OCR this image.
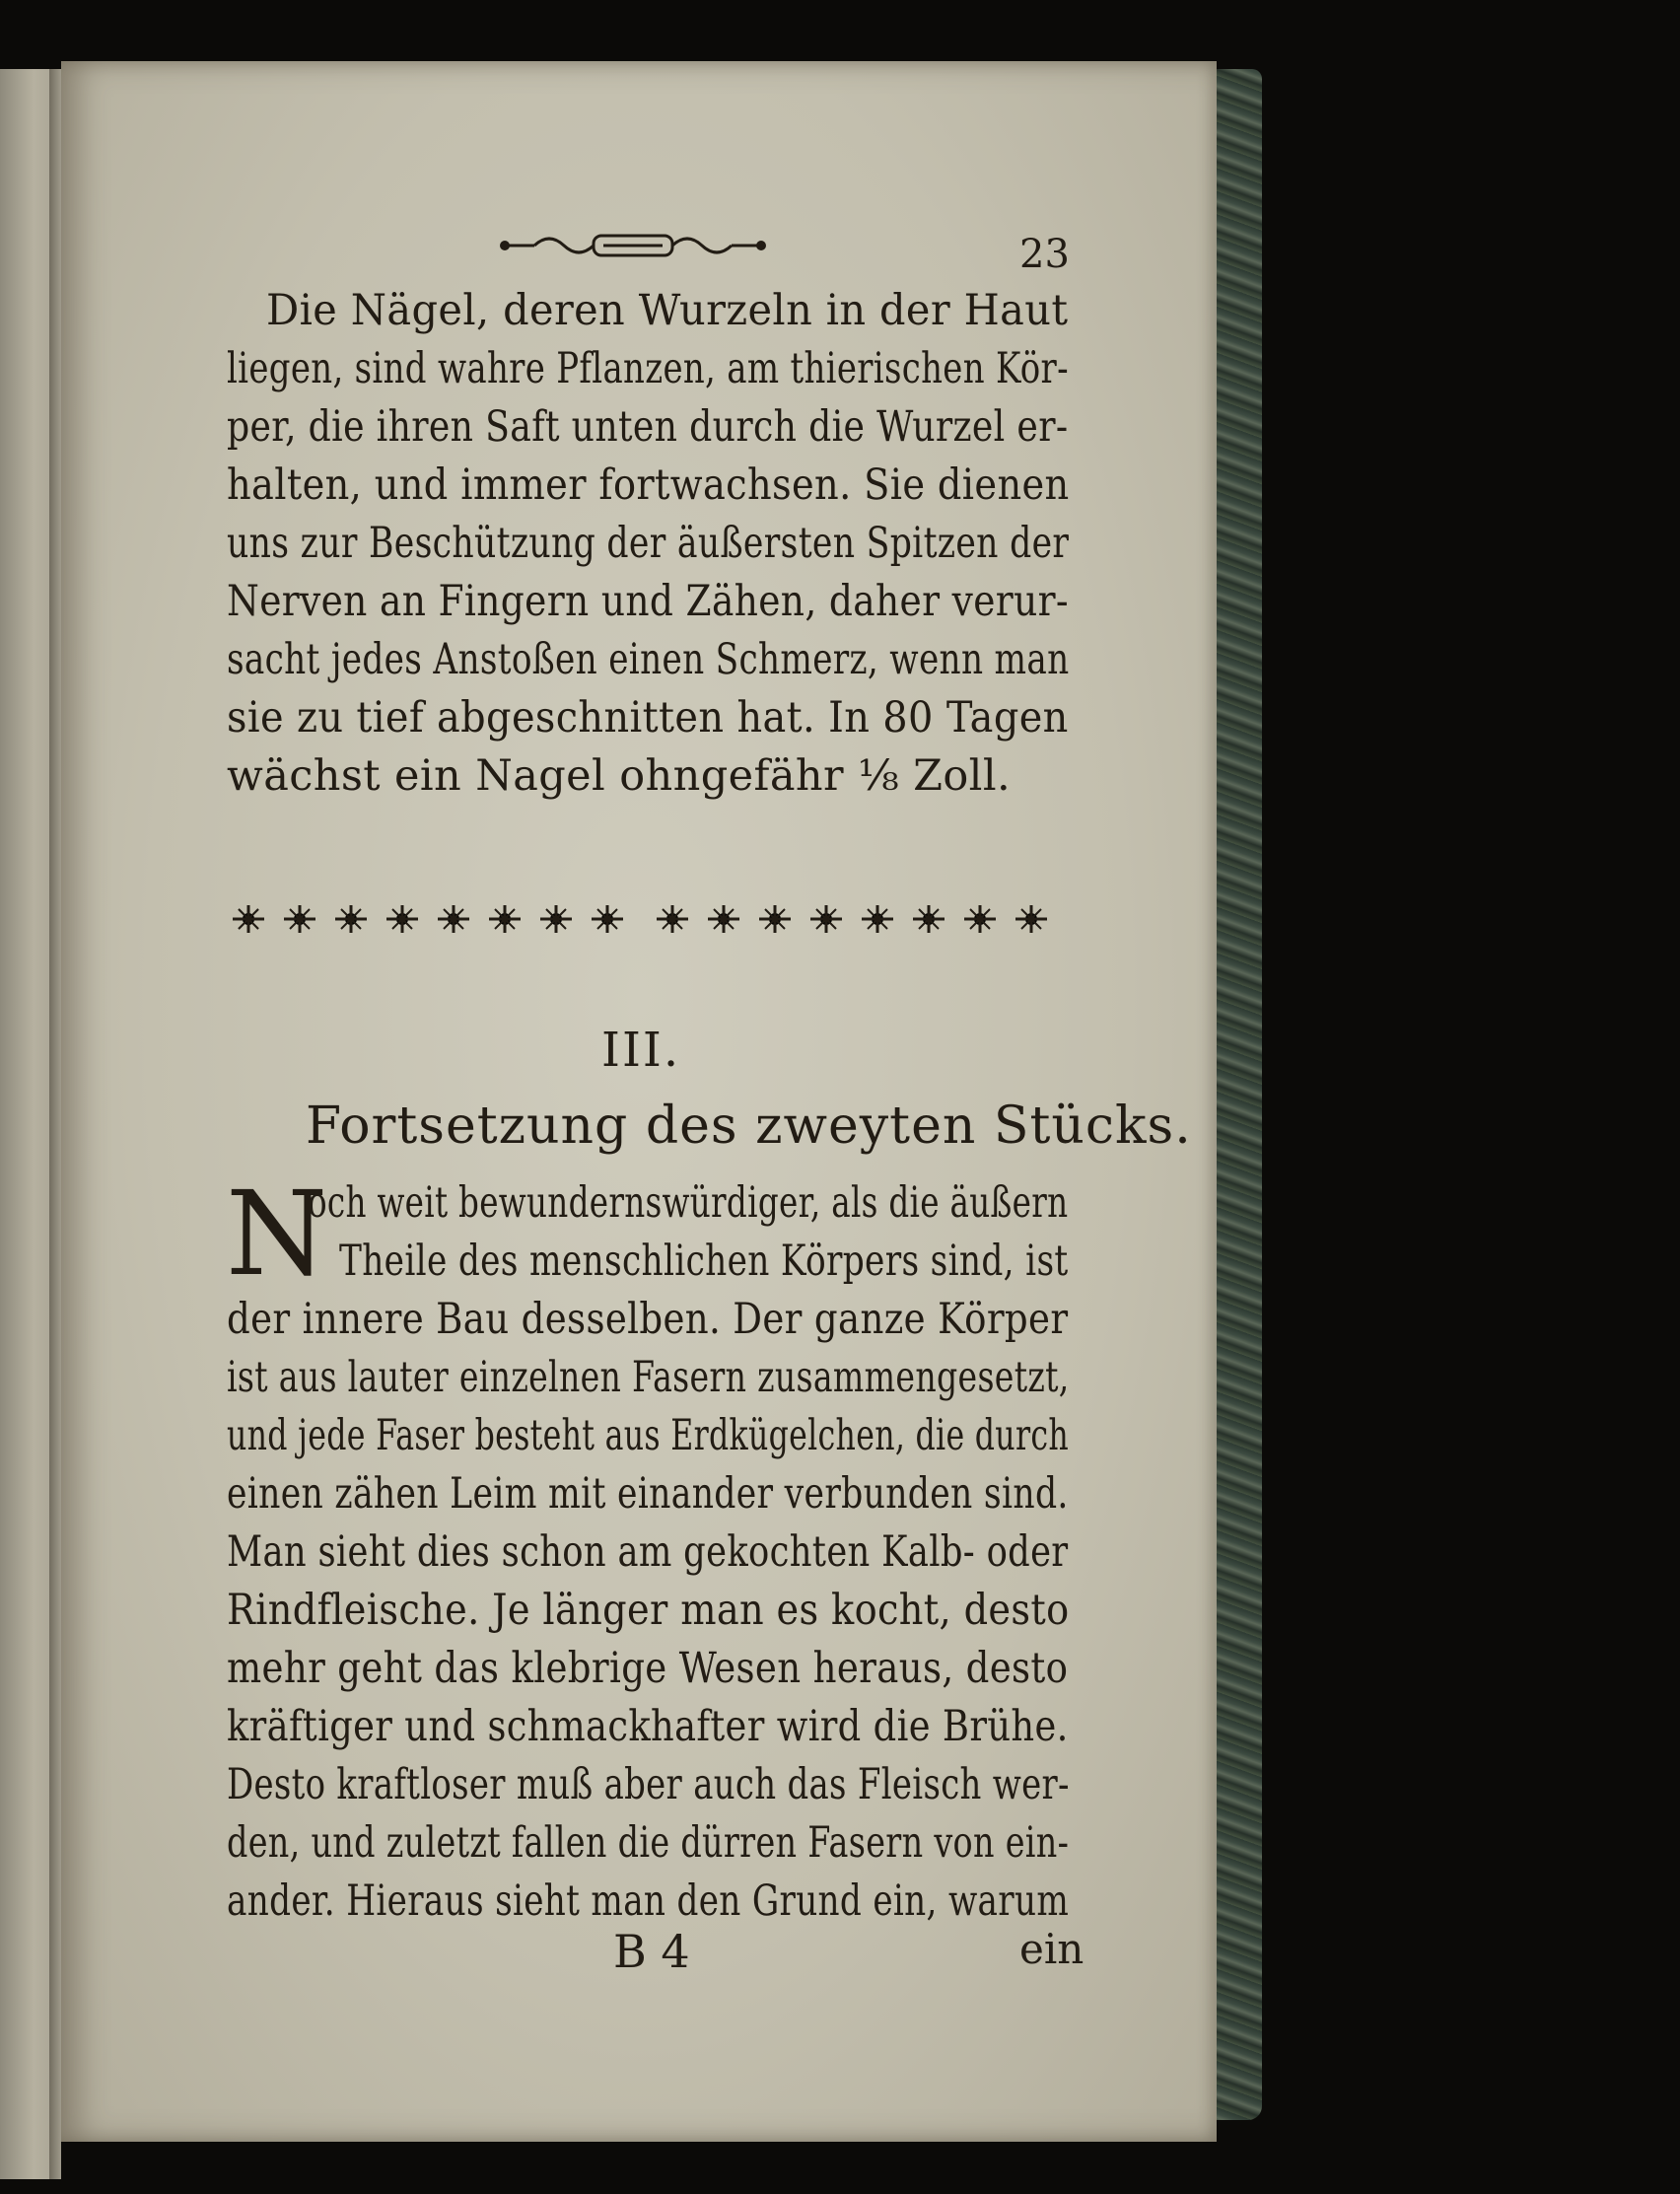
23
Die Nägel, deren Wurzeln in der Haut
liegen, sind wahre Pflanzen, am thierischen Kör-
per, die ihren Saft unten durch die Wurzel er-
halten, und immer fortwachsen. Sie dienen
uns zur Beschützung der äußersten Spitzen der
Nerven an Fingern und Zähen, daher verur-
sacht jedes Anstoßen einen Schmerz, wenn man
sie zu tief abgeschnitten hat. In 80 Tagen
wächst ein Nagel ohngefähr ⅛ Zoll.
III.
Fortsetzung des zweyten Stücks.
N
och weit bewundernswürdiger, als die äußern
Theile des menschlichen Körpers sind, ist
der innere Bau desselben. Der ganze Körper
ist aus lauter einzelnen Fasern zusammengesetzt,
und jede Faser besteht aus Erdkügelchen, die durch
einen zähen Leim mit einander verbunden sind.
Man sieht dies schon am gekochten Kalb- oder
Rindfleische. Je länger man es kocht, desto
mehr geht das klebrige Wesen heraus, desto
kräftiger und schmackhafter wird die Brühe.
Desto kraftloser muß aber auch das Fleisch wer-
den, und zuletzt fallen die dürren Fasern von ein-
ander. Hieraus sieht man den Grund ein, warum
B 4	ein
